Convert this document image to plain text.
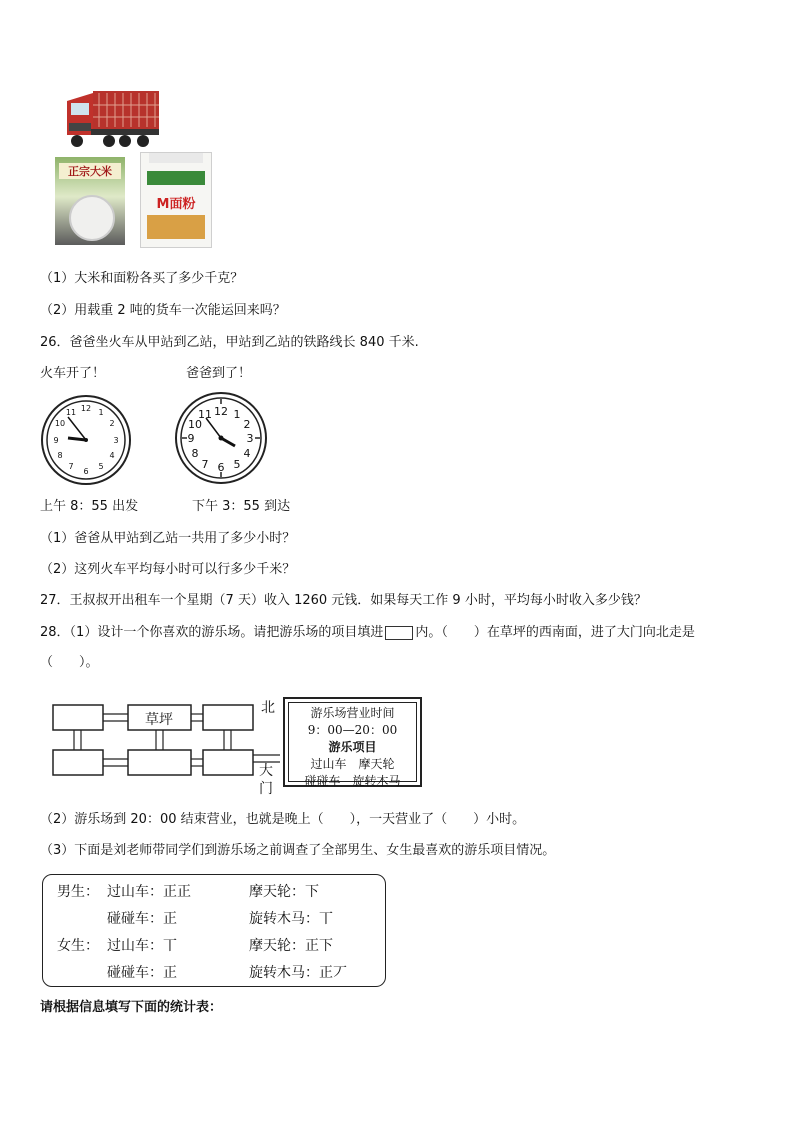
正宗大米
M面粉
（1）大米和面粉各买了多少千克？
（2）用载重 2 吨的货车一次能运回来吗？
26．爸爸坐火车从甲站到乙站，甲站到乙站的铁路线长 840 千米.
火车开了！	爸爸到了！
12 1
2
3
4
5
6
7
8
9
10
11	12 1
2
3
4
5
6
7
8
9
10
11
上午 8：55 出发	下午 3：55 到达
（1）爸爸从甲站到乙站一共用了多少小时？
（2）这列火车平均每小时可以行多少千米？
27．王叔叔开出租车一个星期（7 天）收入 1260 元钱．如果每天工作 9 小时，平均每小时收入多少钱？
28．（1）设计一个你喜欢的游乐场。请把游乐场的项目填进 内。（　　）在草坪的西南面，进了大门向北走是
（　　）。
草坪
北
大
门
游乐场营业时间
9：00—20：00
游乐项目
过山车　摩天轮
碰碰车　旋转木马
（2）游乐场到 20：00 结束营业，也就是晚上（　　），一天营业了（　　）小时。
（3）下面是刘老师带同学们到游乐场之前调查了全部男生、女生最喜欢的游乐项目情况。
男生： 过山车：正正	摩天轮：下
碰碰车：正	旋转木马：丅
女生： 过山车：丅	摩天轮：正下
碰碰车：正	旋转木马：正丆
请根据信息填写下面的统计表：
